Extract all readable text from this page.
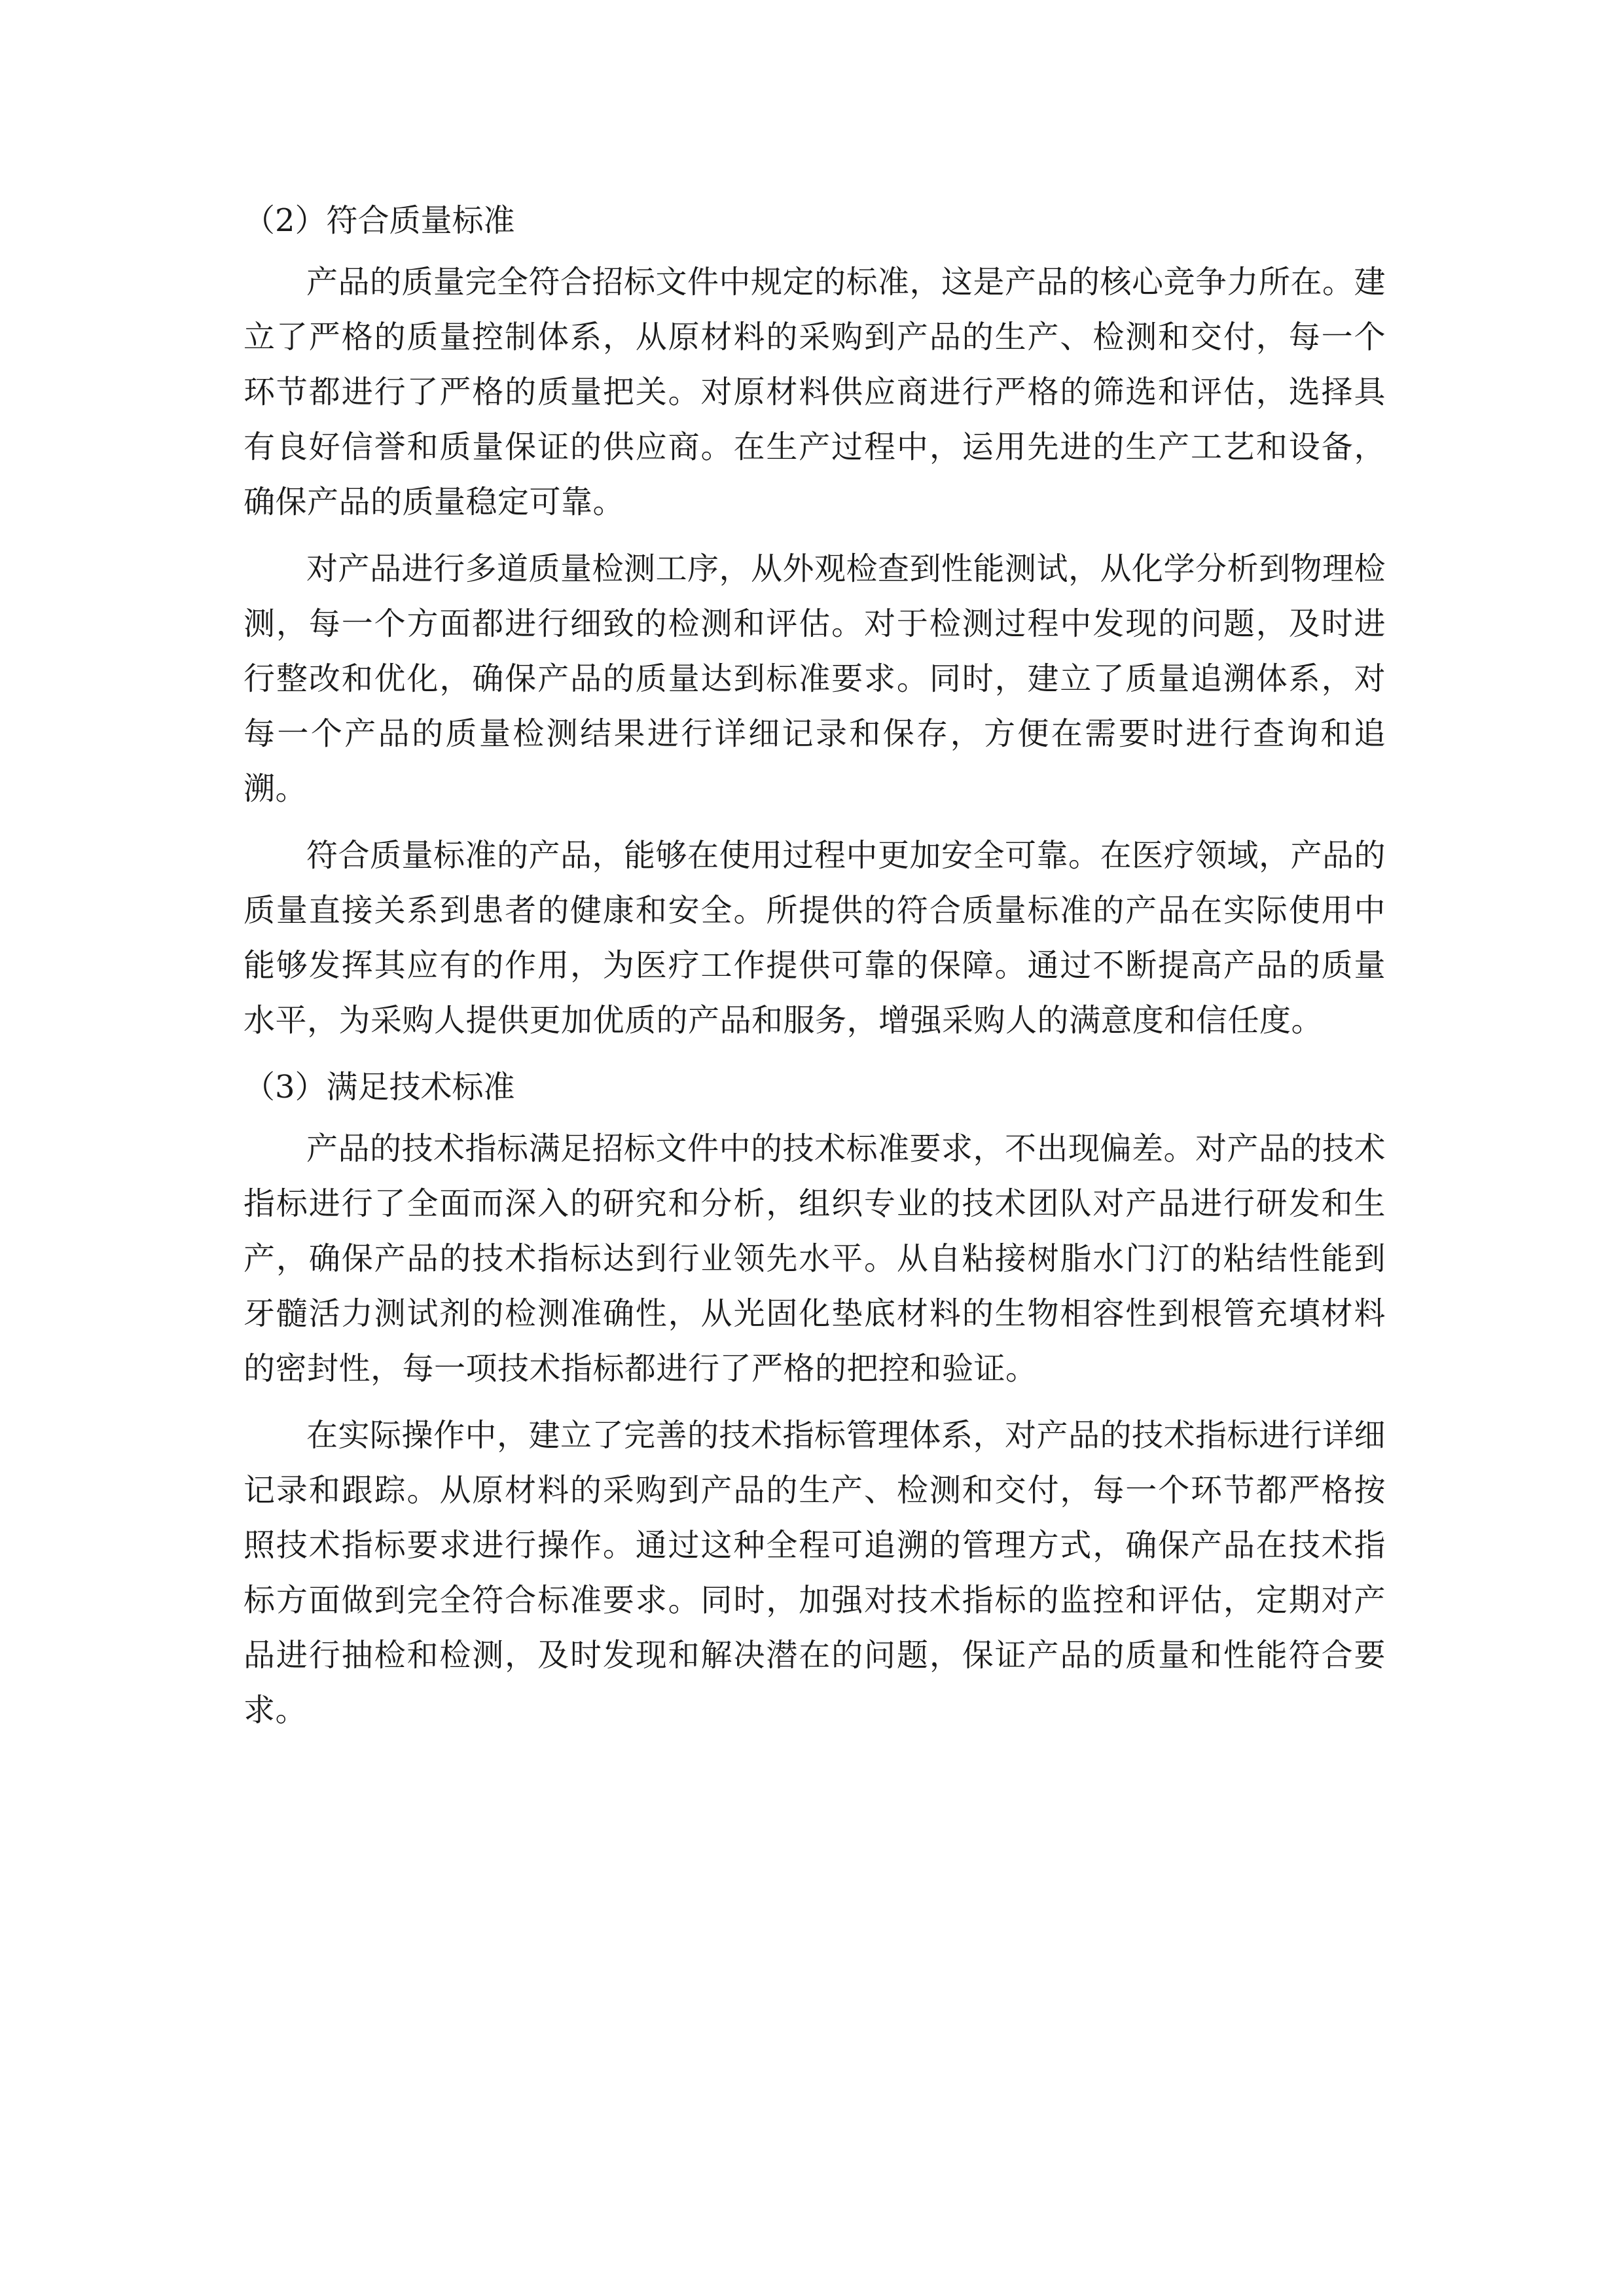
（2）符合质量标准

产品的质量完全符合招标文件中规定的标准，这是产品的核心竞争力所在。建立了严格的质量控制体系，从原材料的采购到产品的生产、检测和交付，每一个环节都进行了严格的质量把关。对原材料供应商进行严格的筛选和评估，选择具有良好信誉和质量保证的供应商。在生产过程中，运用先进的生产工艺和设备，确保产品的质量稳定可靠。

对产品进行多道质量检测工序，从外观检查到性能测试，从化学分析到物理检测，每一个方面都进行细致的检测和评估。对于检测过程中发现的问题，及时进行整改和优化，确保产品的质量达到标准要求。同时，建立了质量追溯体系，对每一个产品的质量检测结果进行详细记录和保存，方便在需要时进行查询和追溯。

符合质量标准的产品，能够在使用过程中更加安全可靠。在医疗领域，产品的质量直接关系到患者的健康和安全。所提供的符合质量标准的产品在实际使用中能够发挥其应有的作用，为医疗工作提供可靠的保障。通过不断提高产品的质量水平，为采购人提供更加优质的产品和服务，增强采购人的满意度和信任度。

（3）满足技术标准

产品的技术指标满足招标文件中的技术标准要求，不出现偏差。对产品的技术指标进行了全面而深入的研究和分析，组织专业的技术团队对产品进行研发和生产，确保产品的技术指标达到行业领先水平。从自粘接树脂水门汀的粘结性能到牙髓活力测试剂的检测准确性，从光固化垫底材料的生物相容性到根管充填材料的密封性，每一项技术指标都进行了严格的把控和验证。

在实际操作中，建立了完善的技术指标管理体系，对产品的技术指标进行详细记录和跟踪。从原材料的采购到产品的生产、检测和交付，每一个环节都严格按照技术指标要求进行操作。通过这种全程可追溯的管理方式，确保产品在技术指标方面做到完全符合标准要求。同时，加强对技术指标的监控和评估，定期对产品进行抽检和检测，及时发现和解决潜在的问题，保证产品的质量和性能符合要求。
